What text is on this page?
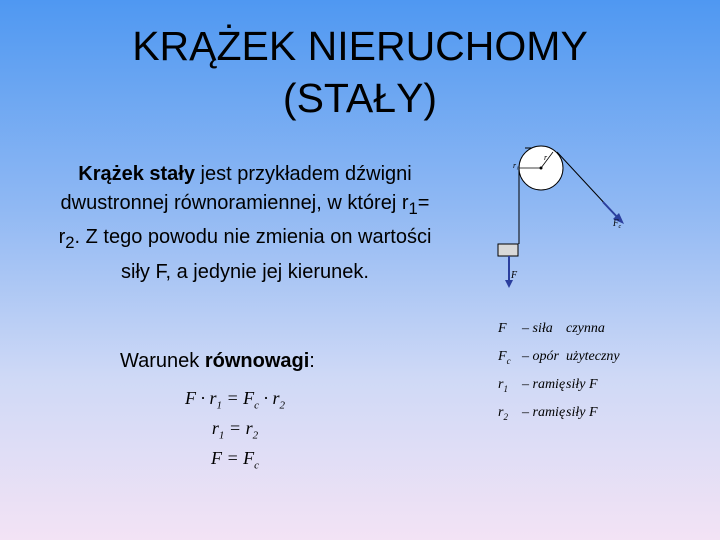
KRĄŻEK NIERUCHOMY
(STAŁY)
Krążek stały jest przykładem dźwigni dwustronnej równoramiennej, w której $r_1= r_2$. Z tego powodu nie zmienia on wartości siły F, a jedynie jej kierunek.
Warunek równowagi:
$F \cdot r_1 = F_c \cdot r_2$
$r_1 = r_2$
$F = F_c$
r₁
r
$F_c$
F
F – siła czynna
$F_c$ – opór użyteczny
$r_1$ – ramię siły F
$r_2$ – ramię siły F
